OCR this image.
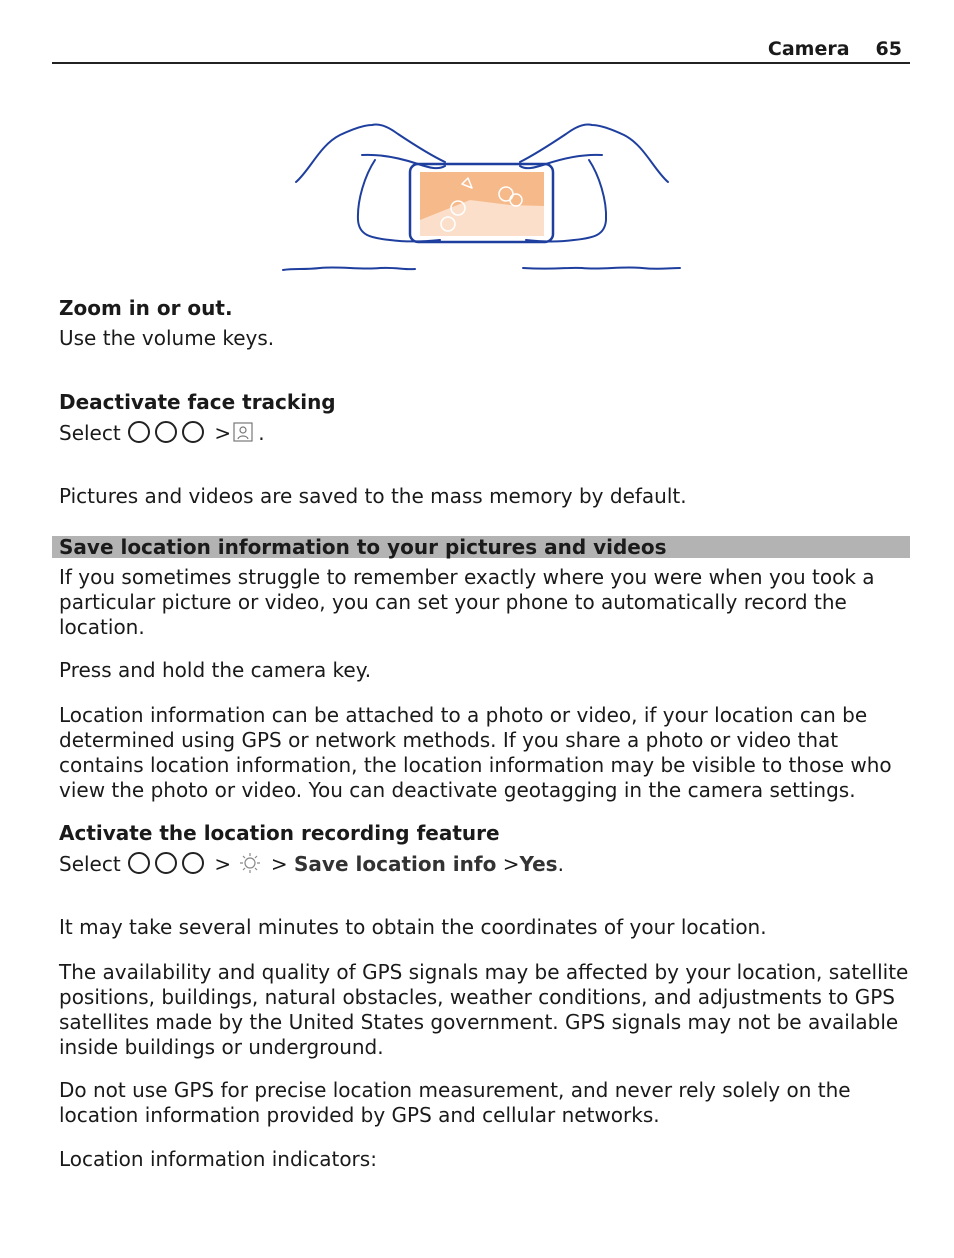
Camera 65
Zoom in or out.
Use the volume keys.
Deactivate face tracking
Select	> .
Pictures and videos are saved to the mass memory by default.
Save location information to your pictures and videos
If you sometimes struggle to remember exactly where you were when you took a particular picture or video, you can set your phone to automatically record the location.
Press and hold the camera key.
Location information can be attached to a photo or video, if your location can be determined using GPS or network methods. If you share a photo or video that contains location information, the location information may be visible to those who view the photo or video. You can deactivate geotagging in the camera settings.
Activate the location recording feature
Select	> > Save location info >Yes.
It may take several minutes to obtain the coordinates of your location.
The availability and quality of GPS signals may be affected by your location, satellite positions, buildings, natural obstacles, weather conditions, and adjustments to GPS satellites made by the United States government. GPS signals may not be available inside buildings or underground.
Do not use GPS for precise location measurement, and never rely solely on the location information provided by GPS and cellular networks.
Location information indicators:
